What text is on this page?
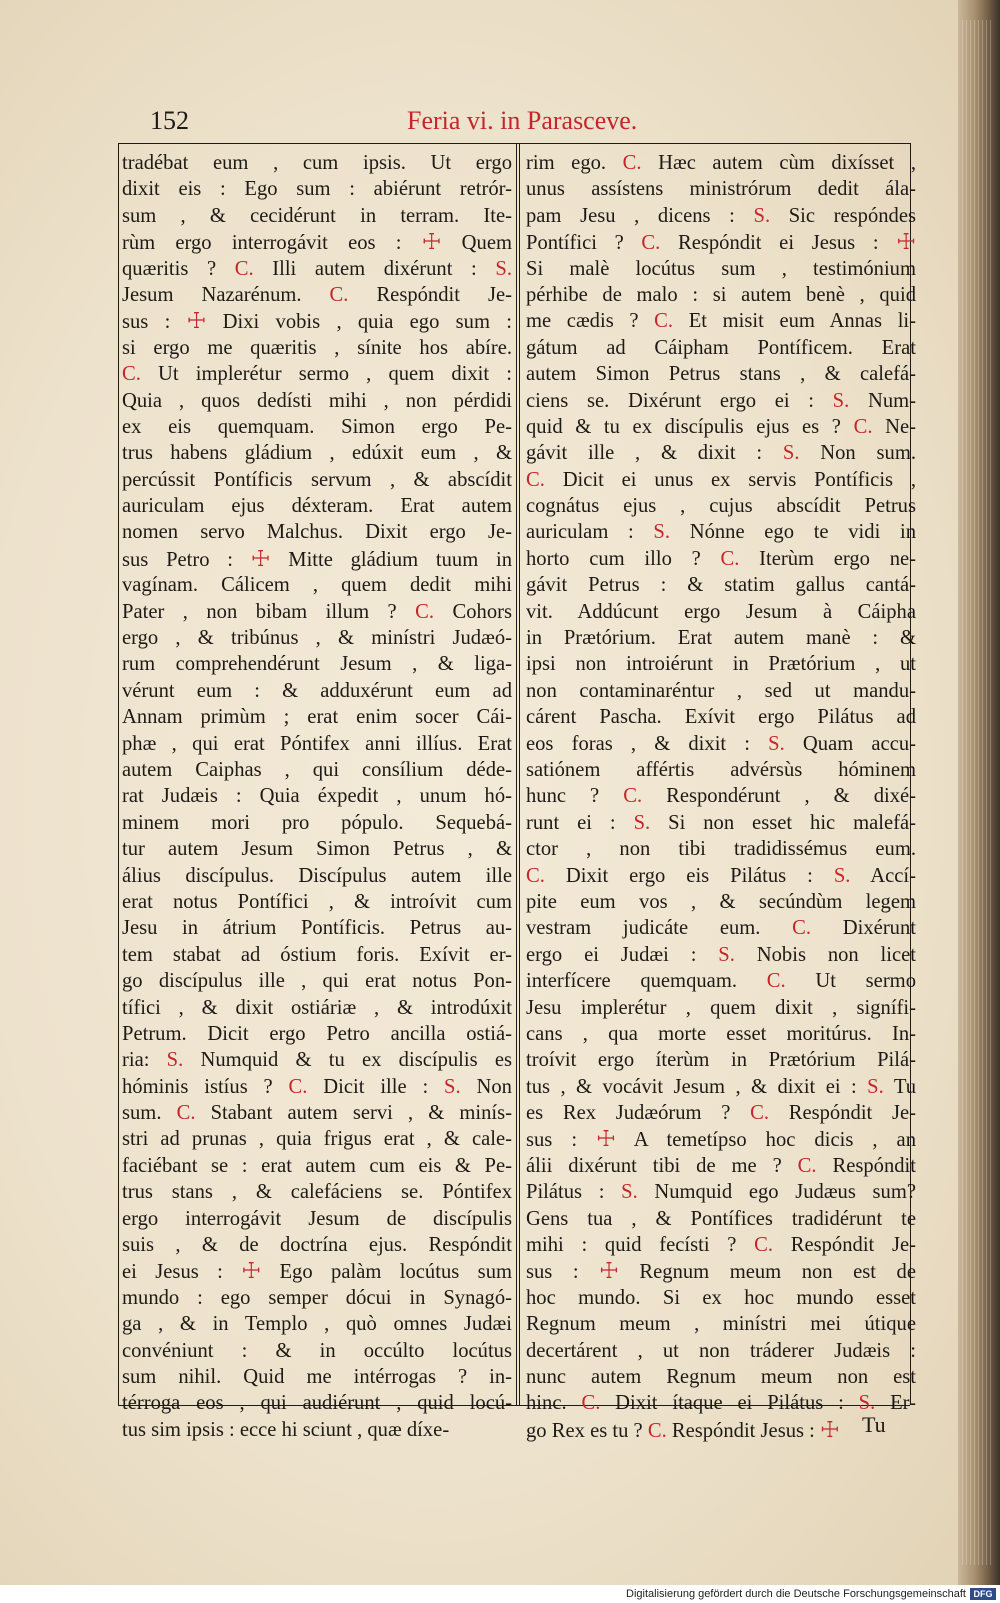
152	Feria vi. in Parasceve.
tradébat eum , cum ipsis. Ut ergo
dixit eis : Ego sum : abiérunt retrór-
sum , & cecidérunt in terram. Ite-
rùm ergo interrogávit eos : ☩ Quem
quæritis ? C. Illi autem dixérunt : S.
Jesum Nazarénum. C. Respóndit Je-
sus : ☩ Dixi vobis , quia ego sum :
si ergo me quæritis , sínite hos abíre.
C. Ut implerétur sermo , quem dixit :
Quia , quos dedísti mihi , non pérdidi
ex eis quemquam. Simon ergo Pe-
trus habens gládium , edúxit eum , &
percússit Pontíficis servum , & abscídit
auriculam ejus déxteram. Erat autem
nomen servo Malchus. Dixit ergo Je-
sus Petro : ☩ Mitte gládium tuum in
vagínam. Cálicem , quem dedit mihi
Pater , non bibam illum ? C. Cohors
ergo , & tribúnus , & minístri Judæó-
rum comprehendérunt Jesum , & liga-
vérunt eum : & adduxérunt eum ad
Annam primùm ; erat enim socer Cái-
phæ , qui erat Póntifex anni illíus. Erat
autem Caiphas , qui consílium déde-
rat Judæis : Quia éxpedit , unum hó-
minem mori pro pópulo. Sequebá-
tur autem Jesum Simon Petrus , &
álius discípulus. Discípulus autem ille
erat notus Pontífici , & introívit cum
Jesu in átrium Pontíficis. Petrus au-
tem stabat ad óstium foris. Exívit er-
go discípulus ille , qui erat notus Pon-
tífici , & dixit ostiáriæ , & introdúxit
Petrum. Dicit ergo Petro ancilla ostiá-
ria: S. Numquid & tu ex discípulis es
hóminis istíus ? C. Dicit ille : S. Non
sum. C. Stabant autem servi , & minís-
stri ad prunas , quia frigus erat , & cale-
faciébant se : erat autem cum eis & Pe-
trus stans , & calefáciens se. Póntifex
ergo interrogávit Jesum de discípulis
suis , & de doctrína ejus. Respóndit
ei Jesus : ☩ Ego palàm locútus sum
mundo : ego semper dócui in Synagó-
ga , & in Templo , quò omnes Judæi
convéniunt : & in occúlto locútus
sum nihil. Quid me intérrogas ? in-
térroga eos , qui audiérunt , quid locú-
tus sim ipsis : ecce hi sciunt , quæ díxe-
rim ego. C. Hæc autem cùm dixísset ,
unus assístens ministrórum dedit ála-
pam Jesu , dicens : S. Sic respóndes
Pontífici ? C. Respóndit ei Jesus : ☩
Si malè locútus sum , testimónium
pérhibe de malo : si autem benè , quid
me cædis ? C. Et misit eum Annas li-
gátum ad Cáipham Pontíficem. Erat
autem Simon Petrus stans , & calefá-
ciens se. Dixérunt ergo ei : S. Num-
quid & tu ex discípulis ejus es ? C. Ne-
gávit ille , & dixit : S. Non sum.
C. Dicit ei unus ex servis Pontíficis ,
cognátus ejus , cujus abscídit Petrus
auriculam : S. Nónne ego te vidi in
horto cum illo ? C. Iterùm ergo ne-
gávit Petrus : & statim gallus cantá-
vit. Addúcunt ergo Jesum à Cáipha
in Prætórium. Erat autem manè : &
ipsi non introiérunt in Prætórium , ut
non contaminaréntur , sed ut mandu-
cárent Pascha. Exívit ergo Pilátus ad
eos foras , & dixit : S. Quam accu-
satiónem affértis advérsùs hóminem
hunc ? C. Respondérunt , & dixé-
runt ei : S. Si non esset hic malefá-
ctor , non tibi tradidissémus eum.
C. Dixit ergo eis Pilátus : S. Accí-
pite eum vos , & secúndùm legem
vestram judicáte eum. C. Dixérunt
ergo ei Judæi : S. Nobis non licet
interfícere quemquam. C. Ut sermo
Jesu implerétur , quem dixit , signífi-
cans , qua morte esset moritúrus. In-
troívit ergo íterùm in Prætórium Pilá-
tus , & vocávit Jesum , & dixit ei : S. Tu
es Rex Judæórum ? C. Respóndit Je-
sus : ☩ A temetípso hoc dicis , an
álii dixérunt tibi de me ? C. Respóndit
Pilátus : S. Numquid ego Judæus sum?
Gens tua , & Pontífices tradidérunt te
mihi : quid fecísti ? C. Respóndit Je-
sus : ☩ Regnum meum non est de
hoc mundo. Si ex hoc mundo esset
Regnum meum , minístri mei útique
decertárent , ut non tráderer Judæis :
nunc autem Regnum meum non est
hinc. C. Dixit ítaque ei Pilátus : S. Er-
go Rex es tu ? C. Respóndit Jesus : ☩	Tu
Digitalisierung gefördert durch die Deutsche Forschungsgemeinschaft DFG
